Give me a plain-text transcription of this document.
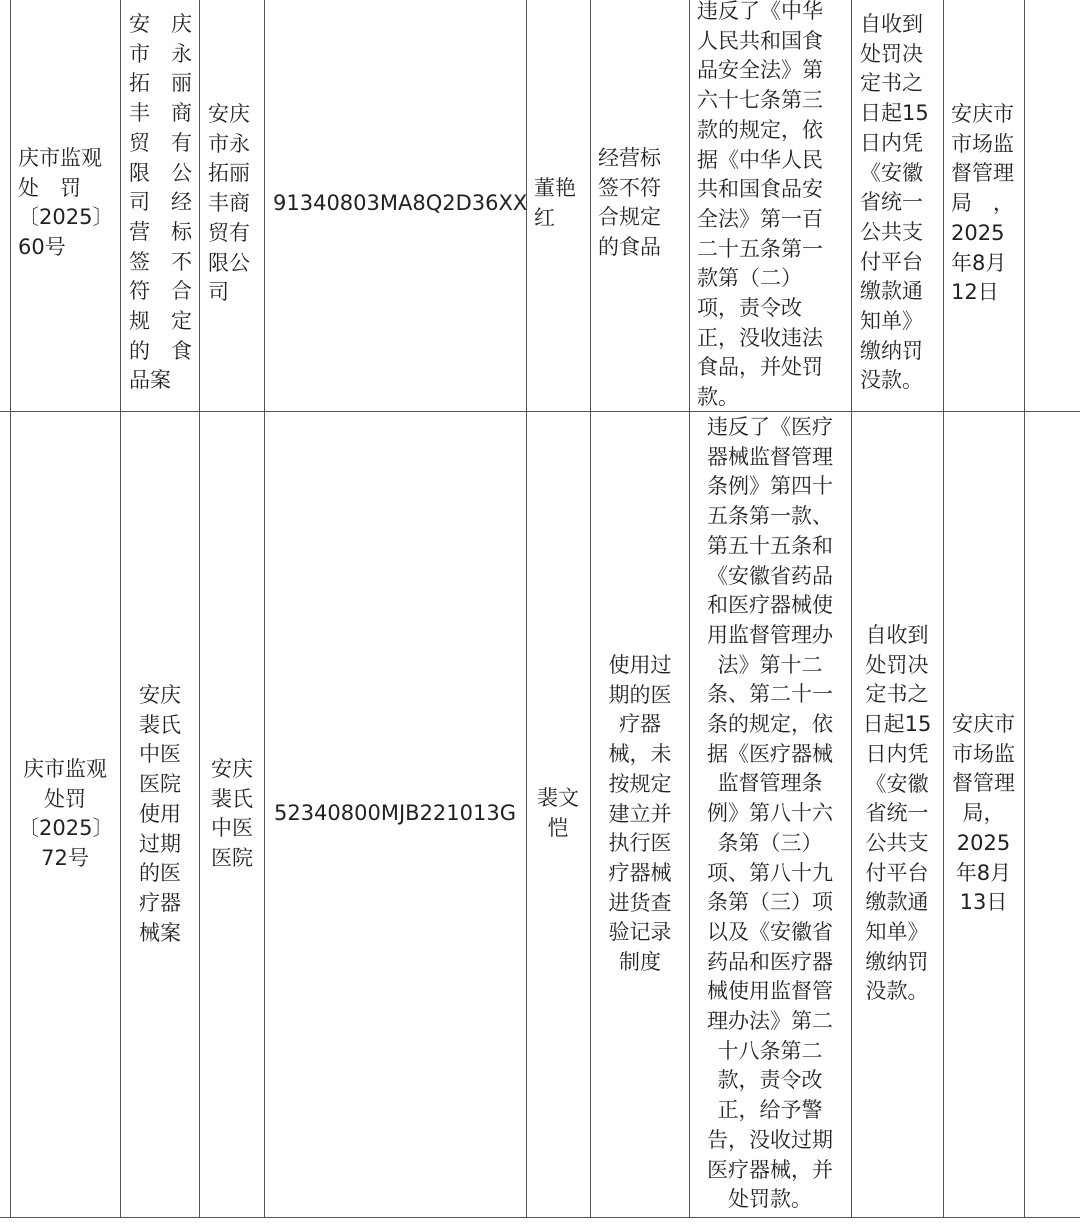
庆市监观
处　罚
〔2025〕
60号
安　庆
市　永
拓　丽
丰　商
贸　有
限　公
司　经
营　标
签　不
符　合
规　定
的　食
品案
安庆
市永
拓丽
丰商
贸有
限公
司
91340803MA8Q2D36XX
董艳
红
经营标
签不符
合规定
的食品
违反了《中华
人民共和国食
品安全法》第
六十七条第三
款的规定，依
据《中华人民
共和国食品安
全法》第一百
二十五条第一
款第（二）
项，责令改
正，没收违法
食品，并处罚
款。
自收到
处罚决
定书之
日起15
日内凭
《安徽
省统一
公共支
付平台
缴款通
知单》
缴纳罚
没款。
安庆市
市场监
督管理
局　，
2025
年8月
12日
庆市监观
处罚
〔2025〕
72号
安庆
裴氏
中医
医院
使用
过期
的医
疗器
械案
安庆
裴氏
中医
医院
52340800MJB221013G
裴文
恺
使用过
期的医
疗器
械，未
按规定
建立并
执行医
疗器械
进货查
验记录
制度
违反了《医疗
器械监督管理
条例》第四十
五条第一款、
第五十五条和
《安徽省药品
和医疗器械使
用监督管理办
法》第十二
条、第二十一
条的规定，依
据《医疗器械
监督管理条
例》第八十六
条第（三）
项、第八十九
条第（三）项
以及《安徽省
药品和医疗器
械使用监督管
理办法》第二
十八条第二
款，责令改
正，给予警
告，没收过期
医疗器械，并
处罚款。
自收到
处罚决
定书之
日起15
日内凭
《安徽
省统一
公共支
付平台
缴款通
知单》
缴纳罚
没款。
安庆市
市场监
督管理
局，
2025
年8月
13日
